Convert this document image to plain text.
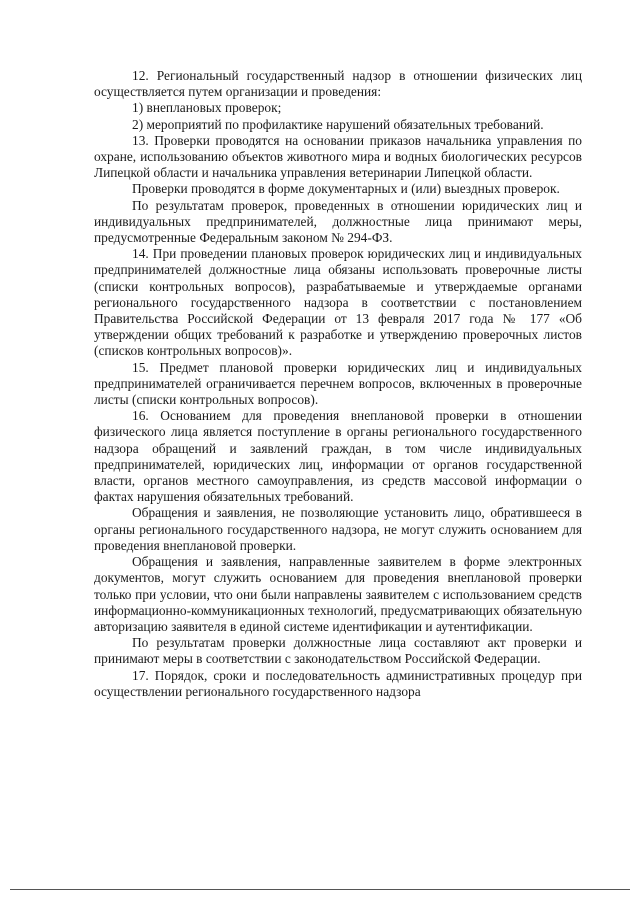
12. Региональный государственный надзор в отношении физических лиц осуществляется путем организации и проведения:

1) внеплановых проверок;

2) мероприятий по профилактике нарушений обязательных требований.

13. Проверки проводятся на основании приказов начальника управления по охране, использованию объектов животного мира и водных биологических ресурсов Липецкой области и начальника управления ветеринарии Липецкой области.

Проверки проводятся в форме документарных и (или) выездных проверок.

По результатам проверок, проведенных в отношении юридических лиц и индивидуальных предпринимателей, должностные лица принимают меры, предусмотренные Федеральным законом № 294-ФЗ.

14. При проведении плановых проверок юридических лиц и индивидуальных предпринимателей должностные лица обязаны использовать проверочные листы (списки контрольных вопросов), разрабатываемые и утверждаемые органами регионального государственного надзора в соответствии с постановлением Правительства Российской Федерации от 13 февраля 2017 года № 177 «Об утверждении общих требований к разработке и утверждению проверочных листов (списков контрольных вопросов)».

15. Предмет плановой проверки юридических лиц и индивидуальных предпринимателей ограничивается перечнем вопросов, включенных в проверочные листы (списки контрольных вопросов).

16. Основанием для проведения внеплановой проверки в отношении физического лица является поступление в органы регионального государственного надзора обращений и заявлений граждан, в том числе индивидуальных предпринимателей, юридических лиц, информации от органов государственной власти, органов местного самоуправления, из средств массовой информации о фактах нарушения обязательных требований.

Обращения и заявления, не позволяющие установить лицо, обратившееся в органы регионального государственного надзора, не могут служить основанием для проведения внеплановой проверки.

Обращения и заявления, направленные заявителем в форме электронных документов, могут служить основанием для проведения внеплановой проверки только при условии, что они были направлены заявителем с использованием средств информационно-коммуникационных технологий, предусматривающих обязательную авторизацию заявителя в единой системе идентификации и аутентификации.

По результатам проверки должностные лица составляют акт проверки и принимают меры в соответствии с законодательством Российской Федерации.

17. Порядок, сроки и последовательность административных процедур при осуществлении регионального государственного надзора
